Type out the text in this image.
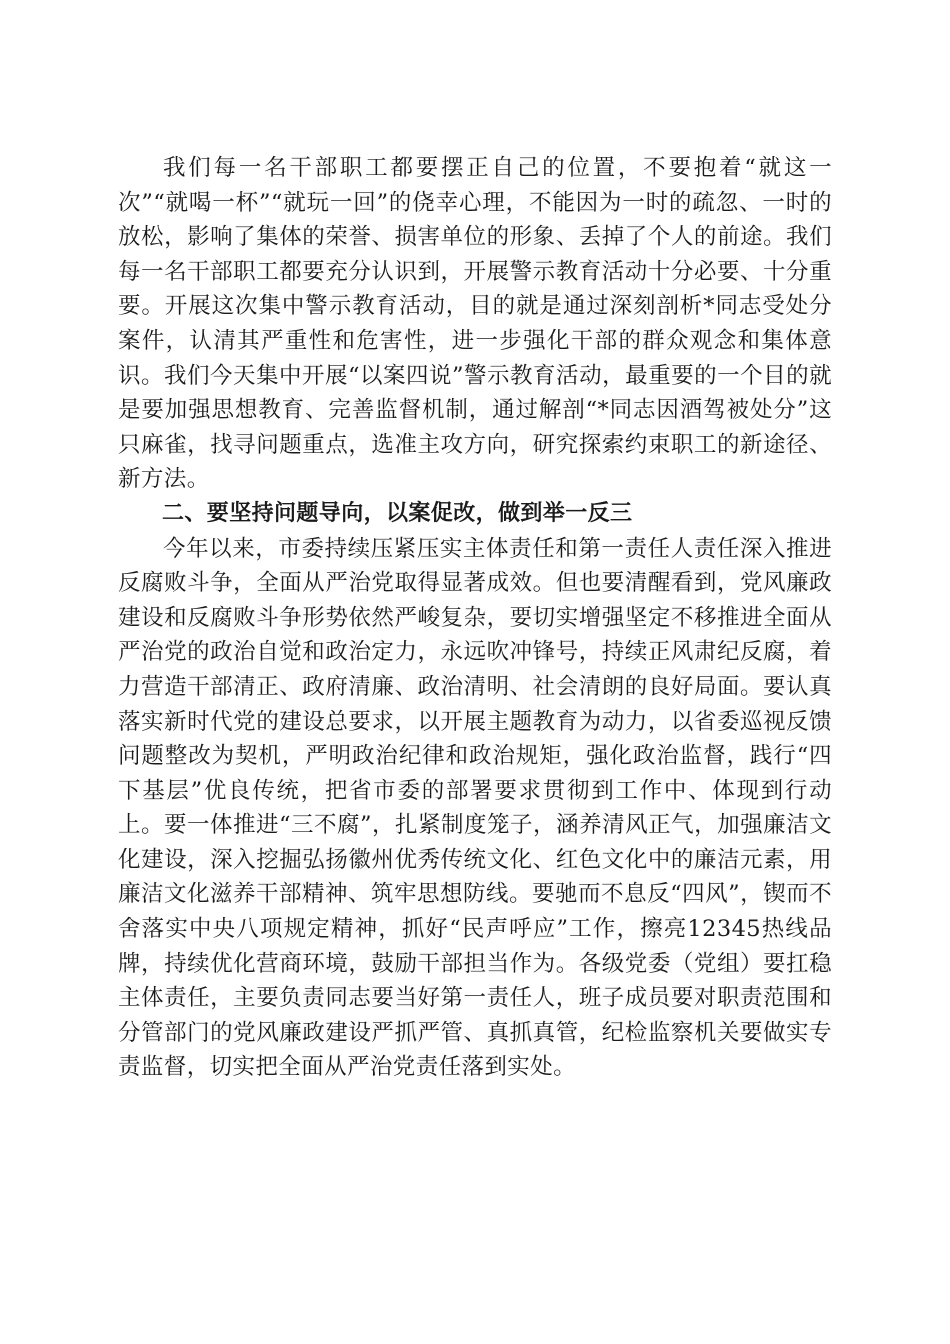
我们每一名干部职工都要摆正自己的位置，不要抱着“就这一次”“就喝一杯”“就玩一回”的侥幸心理，不能因为一时的疏忽、一时的放松，影响了集体的荣誉、损害单位的形象、丢掉了个人的前途。我们每一名干部职工都要充分认识到，开展警示教育活动十分必要、十分重要。开展这次集中警示教育活动，目的就是通过深刻剖析*同志受处分案件，认清其严重性和危害性，进一步强化干部的群众观念和集体意识。我们今天集中开展“以案四说”警示教育活动，最重要的一个目的就是要加强思想教育、完善监督机制，通过解剖“*同志因酒驾被处分”这只麻雀，找寻问题重点，选准主攻方向，研究探索约束职工的新途径、新方法。

二、要坚持问题导向，以案促改，做到举一反三

今年以来，市委持续压紧压实主体责任和第一责任人责任深入推进反腐败斗争，全面从严治党取得显著成效。但也要清醒看到，党风廉政建设和反腐败斗争形势依然严峻复杂，要切实增强坚定不移推进全面从严治党的政治自觉和政治定力，永远吹冲锋号，持续正风肃纪反腐，着力营造干部清正、政府清廉、政治清明、社会清朗的良好局面。要认真落实新时代党的建设总要求，以开展主题教育为动力，以省委巡视反馈问题整改为契机，严明政治纪律和政治规矩，强化政治监督，践行“四下基层”优良传统，把省市委的部署要求贯彻到工作中、体现到行动上。要一体推进“三不腐”，扎紧制度笼子，涵养清风正气，加强廉洁文化建设，深入挖掘弘扬徽州优秀传统文化、红色文化中的廉洁元素，用廉洁文化滋养干部精神、筑牢思想防线。要驰而不息反“四风”，锲而不舍落实中央八项规定精神，抓好“民声呼应”工作，擦亮12345热线品牌，持续优化营商环境，鼓励干部担当作为。各级党委（党组）要扛稳主体责任，主要负责同志要当好第一责任人，班子成员要对职责范围和分管部门的党风廉政建设严抓严管、真抓真管，纪检监察机关要做实专责监督，切实把全面从严治党责任落到实处。
